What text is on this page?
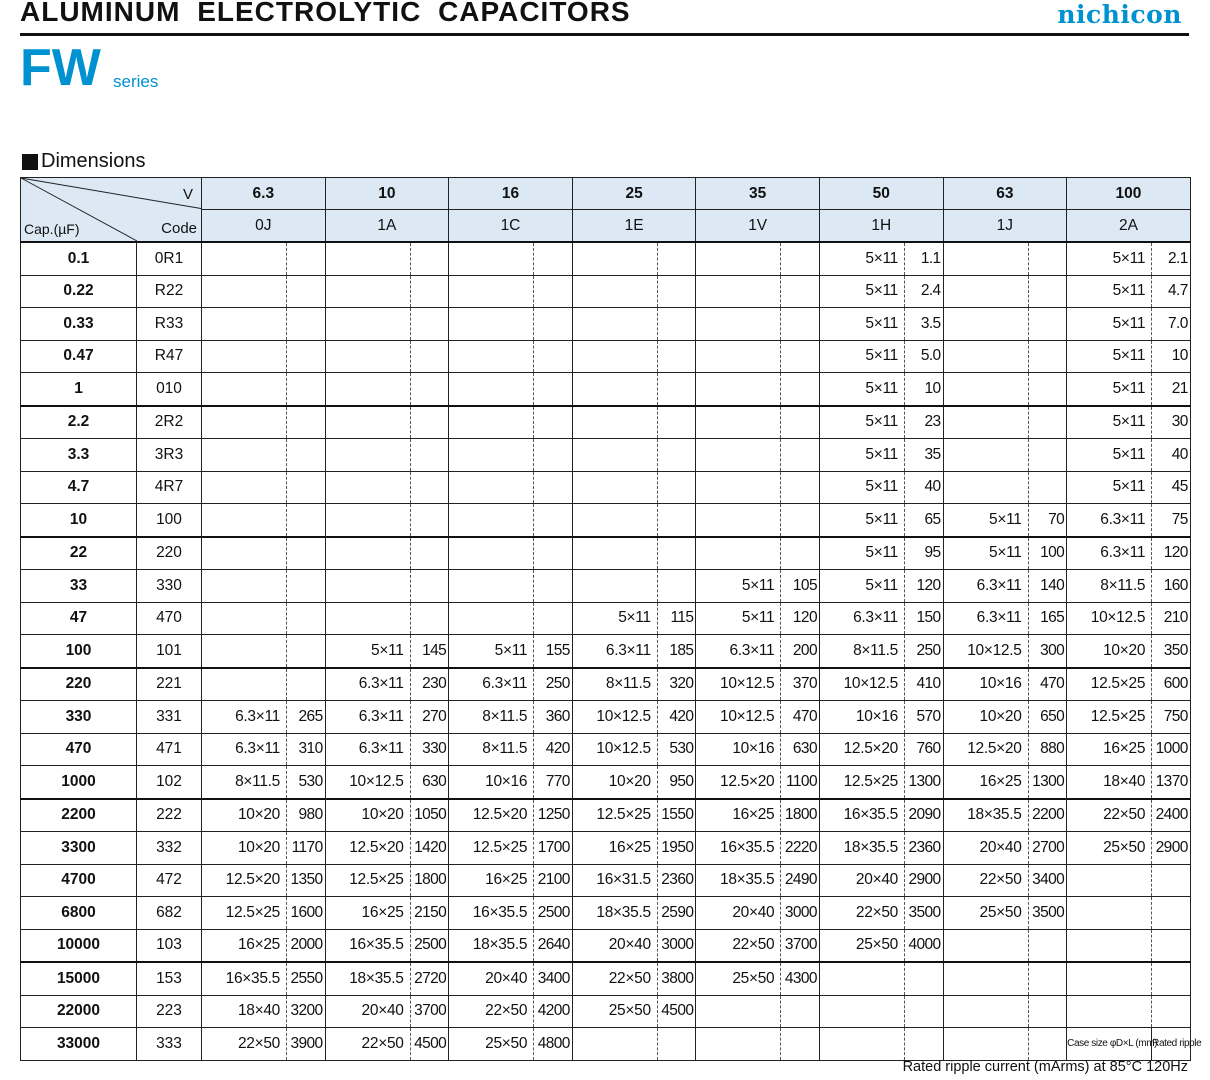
ALUMINUM ELECTROLYTIC CAPACITORS	nichicon
FW series
Dimensions
V
Cap.(µF) Code		6.3		10		16		25		35		50		63		100	
		0J		1A		1C		1E		1V		1H		1J		2A	

0.1	0R1											5×11	1.1			5×11	2.1

0.22	R22											5×11	2.4			5×11	4.7

0.33	R33											5×11	3.5			5×11	7.0

0.47	R47											5×11	5.0			5×11	10

1	010											5×11	10			5×11	21

2.2	2R2											5×11	23			5×11	30

3.3	3R3											5×11	35			5×11	40

4.7	4R7											5×11	40			5×11	45

10	100											5×11	65	5×11	70	6.3×11	75

22	220											5×11	95	5×11	100	6.3×11	120

33	330									5×11	105	5×11	120	6.3×11	140	8×11.5	160

47	470							5×11	115	5×11	120	6.3×11	150	6.3×11	165	10×12.5	210

100	101			5×11	145	5×11	155	6.3×11	185	6.3×11	200	8×11.5	250	10×12.5	300	10×20	350

220	221			6.3×11	230	6.3×11	250	8×11.5	320	10×12.5	370	10×12.5	410	10×16	470	12.5×25	600

330	331	6.3×11	265	6.3×11	270	8×11.5	360	10×12.5	420	10×12.5	470	10×16	570	10×20	650	12.5×25	750

470	471	6.3×11	310	6.3×11	330	8×11.5	420	10×12.5	530	10×16	630	12.5×20	760	12.5×20	880	16×25	1000

1000	102	8×11.5	530	10×12.5	630	10×16	770	10×20	950	12.5×20	1100	12.5×25	1300	16×25	1300	18×40	1370

2200	222	10×20	980	10×20	1050	12.5×20	1250	12.5×25	1550	16×25	1800	16×35.5	2090	18×35.5	2200	22×50	2400

3300	332	10×20	1170	12.5×20	1420	12.5×25	1700	16×25	1950	16×35.5	2220	18×35.5	2360	20×40	2700	25×50	2900

4700	472	12.5×20	1350	12.5×25	1800	16×25	2100	16×31.5	2360	18×35.5	2490	20×40	2900	22×50	3400		

6800	682	12.5×25	1600	16×25	2150	16×35.5	2500	18×35.5	2590	20×40	3000	22×50	3500	25×50	3500		

10000	103	16×25	2000	16×35.5	2500	18×35.5	2640	20×40	3000	22×50	3700	25×50	4000				

15000	153	16×35.5	2550	18×35.5	2720	20×40	3400	22×50	3800	25×50	4300						

22000	223	18×40	3200	20×40	3700	22×50	4200	25×50	4500								

33000	333	22×50	3900	22×50	4500	25×50	4800									Case size φD×L (mm)	Rated ripple
Rated ripple current (mArms) at 85°C 120Hz
